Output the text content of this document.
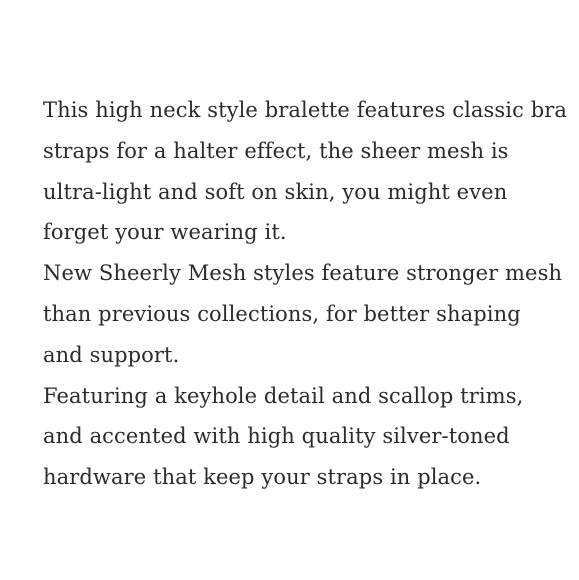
This high neck style bralette features classic bra
straps for a halter effect, the sheer mesh is
ultra-light and soft on skin, you might even
forget your wearing it.
New Sheerly Mesh styles feature stronger mesh
than previous collections, for better shaping
and support.
Featuring a keyhole detail and scallop trims,
and accented with high quality silver-toned
hardware that keep your straps in place.
